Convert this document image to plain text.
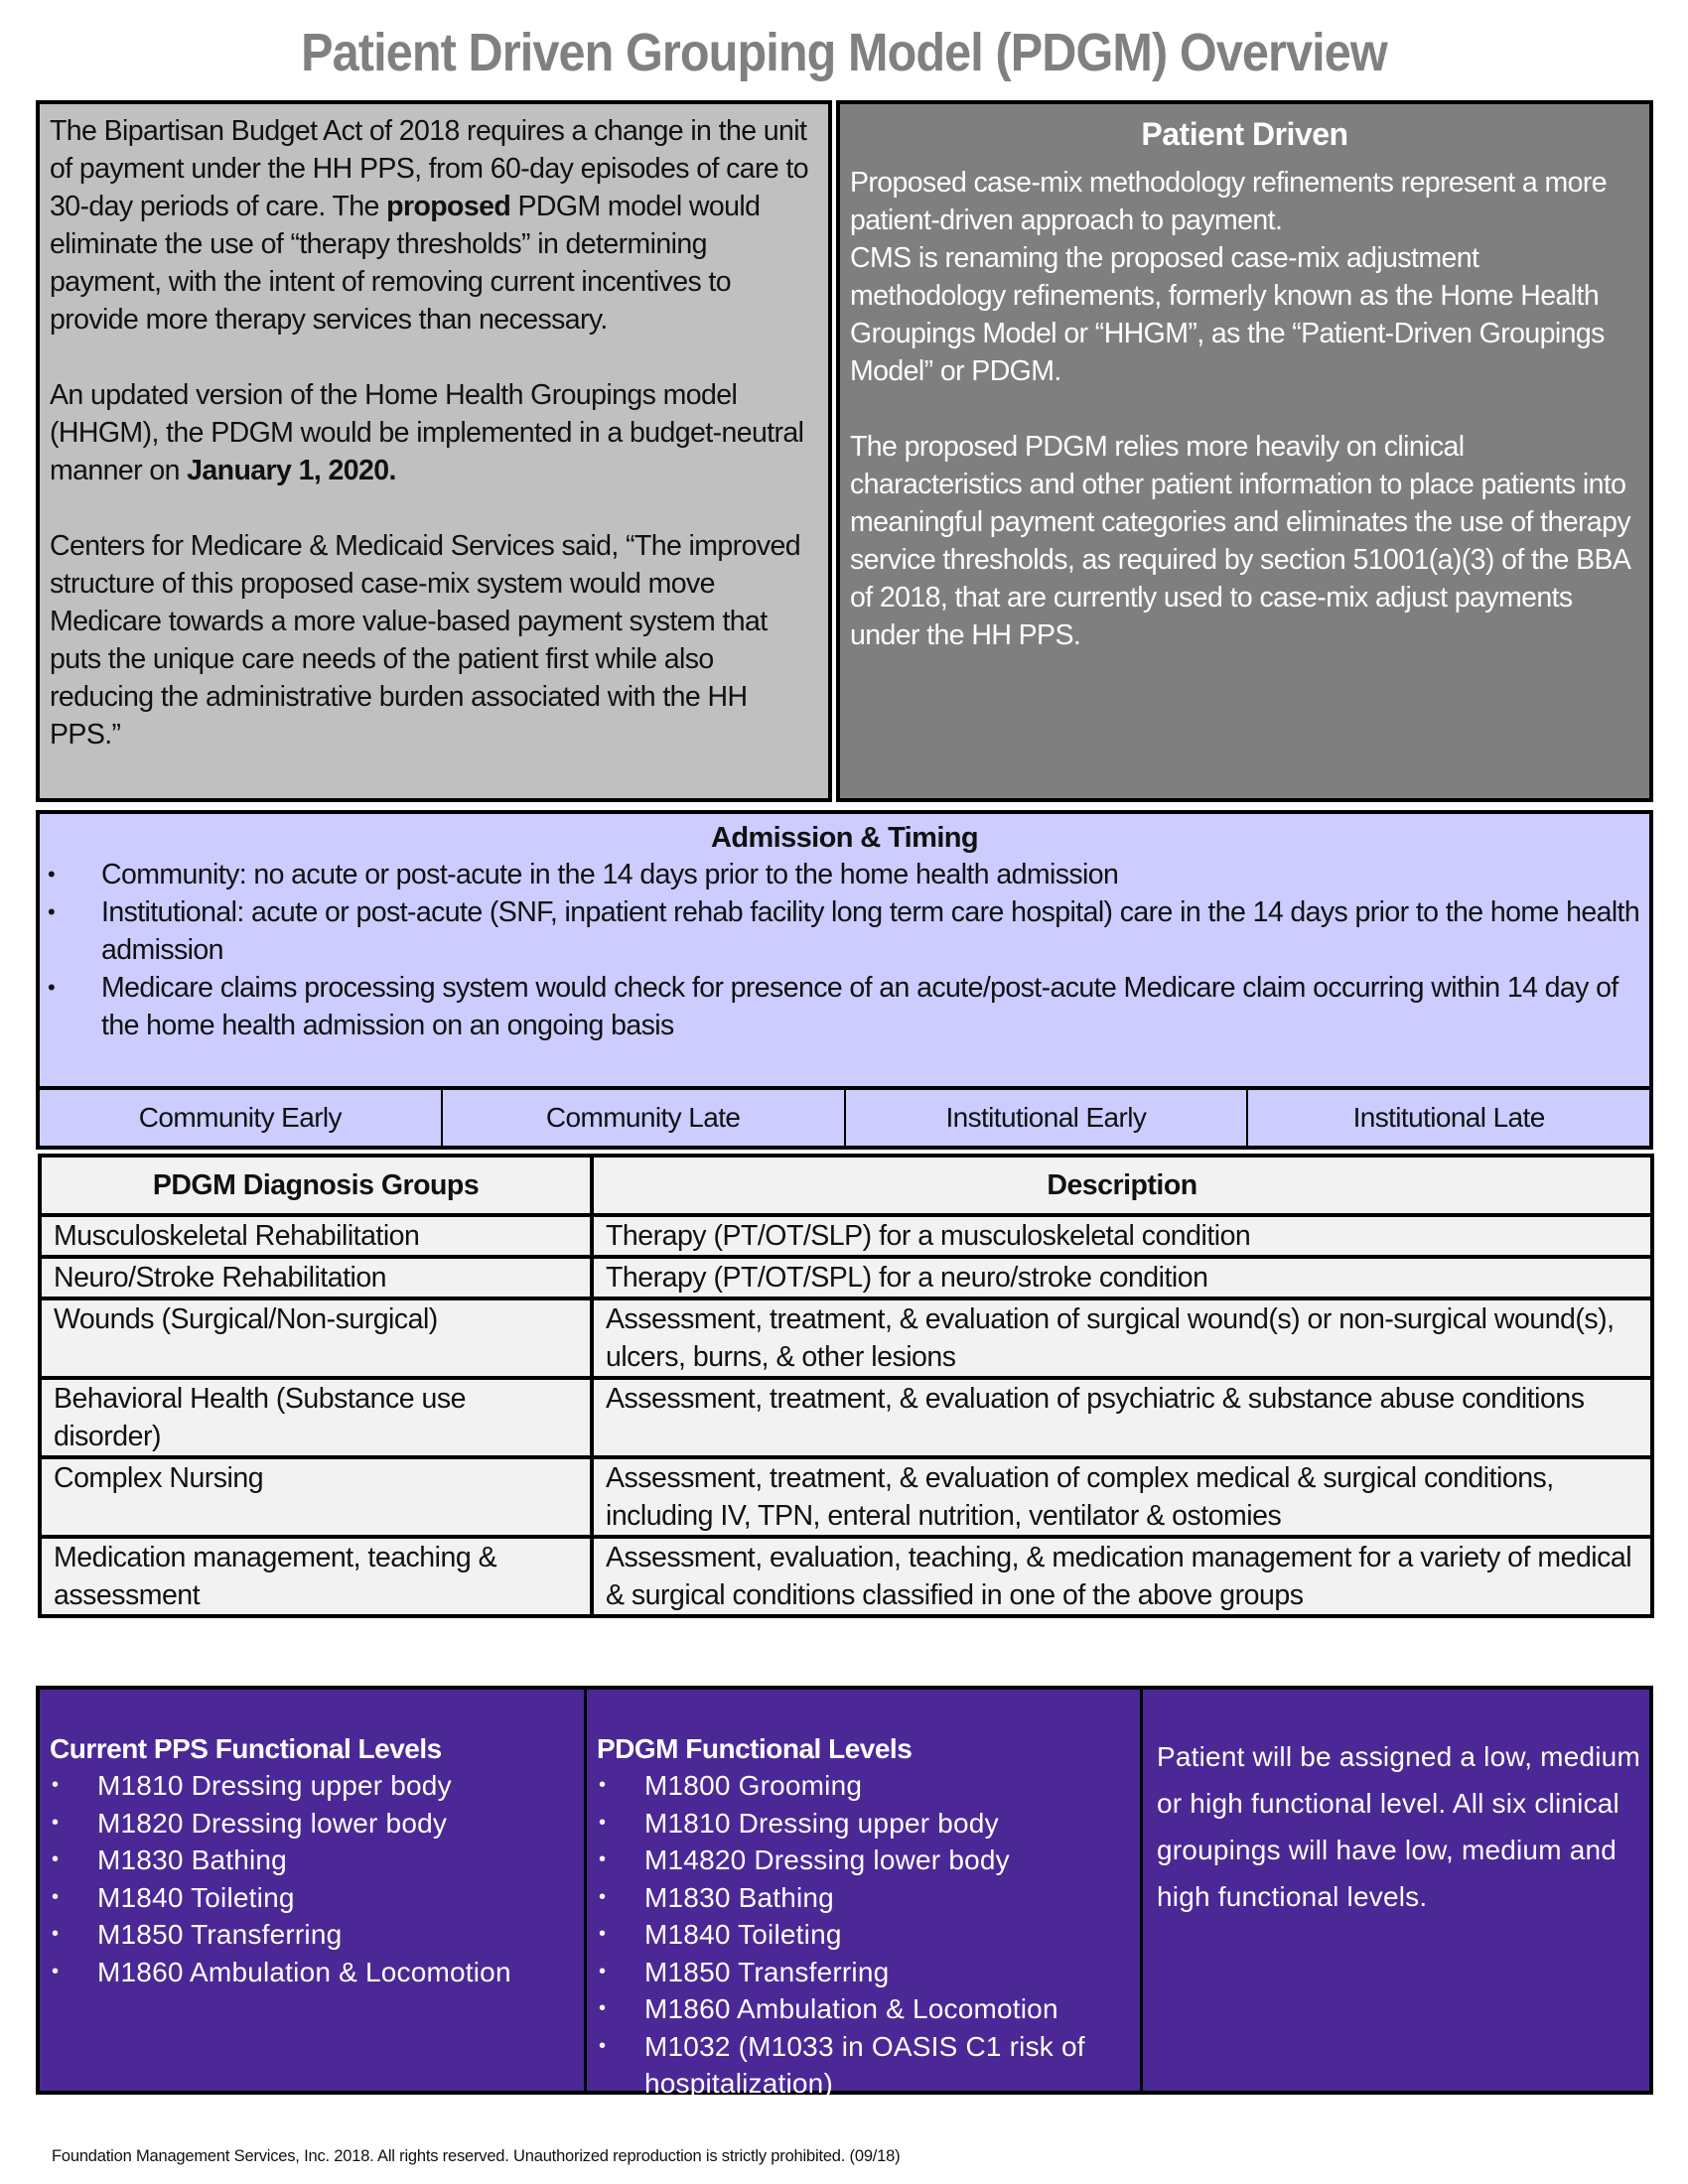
Patient Driven Grouping Model (PDGM) Overview

The Bipartisan Budget Act of 2018 requires a change in the unit of payment under the HH PPS, from 60-day episodes of care to 30-day periods of care. The proposed PDGM model would eliminate the use of “therapy thresholds” in determining payment, with the intent of removing current incentives to provide more therapy services than necessary.

An updated version of the Home Health Groupings model (HHGM), the PDGM would be implemented in a budget-neutral manner on January 1, 2020.

Centers for Medicare & Medicaid Services said, “The improved structure of this proposed case-mix system would move Medicare towards a more value-based payment system that puts the unique care needs of the patient first while also reducing the administrative burden associated with the HH PPS.”

Patient Driven

Proposed case-mix methodology refinements represent a more patient-driven approach to payment.
CMS is renaming the proposed case-mix adjustment methodology refinements, formerly known as the Home Health Groupings Model or “HHGM”, as the “Patient-Driven Groupings Model” or PDGM.

The proposed PDGM relies more heavily on clinical characteristics and other patient information to place patients into meaningful payment categories and eliminates the use of therapy service thresholds, as required by section 51001(a)(3) of the BBA of 2018, that are currently used to case-mix adjust payments under the HH PPS.

Admission & Timing
• Community: no acute or post-acute in the 14 days prior to the home health admission
• Institutional: acute or post-acute (SNF, inpatient rehab facility long term care hospital) care in the 14 days prior to the home health admission
• Medicare claims processing system would check for presence of an acute/post-acute Medicare claim occurring within 14 day of the home health admission on an ongoing basis
Community Early	Community Late	Institutional Early	Institutional Late
PDGM Diagnosis Groups	Description
Musculoskeletal Rehabilitation	Therapy (PT/OT/SLP) for a musculoskeletal condition
Neuro/Stroke Rehabilitation	Therapy (PT/OT/SPL) for a neuro/stroke condition
Wounds (Surgical/Non-surgical)	Assessment, treatment, & evaluation of surgical wound(s) or non-surgical wound(s), ulcers, burns, & other lesions
Behavioral Health (Substance use disorder)	Assessment, treatment, & evaluation of psychiatric & substance abuse conditions
Complex Nursing	Assessment, treatment, & evaluation of complex medical & surgical conditions, including IV, TPN, enteral nutrition, ventilator & ostomies
Medication management, teaching & assessment	Assessment, evaluation, teaching, & medication management for a variety of medical & surgical conditions classified in one of the above groups
Current PPS Functional Levels
• M1810 Dressing upper body
• M1820 Dressing lower body
• M1830 Bathing
• M1840 Toileting
• M1850 Transferring
• M1860 Ambulation & Locomotion
PDGM Functional Levels
• M1800 Grooming
• M1810 Dressing upper body
• M14820 Dressing lower body
• M1830 Bathing
• M1840 Toileting
• M1850 Transferring
• M1860 Ambulation & Locomotion
• M1032 (M1033 in OASIS C1 risk of hospitalization)

Patient will be assigned a low, medium or high functional level. All six clinical groupings will have low, medium and high functional levels.

Foundation Management Services, Inc. 2018. All rights reserved. Unauthorized reproduction is strictly prohibited. (09/18)
